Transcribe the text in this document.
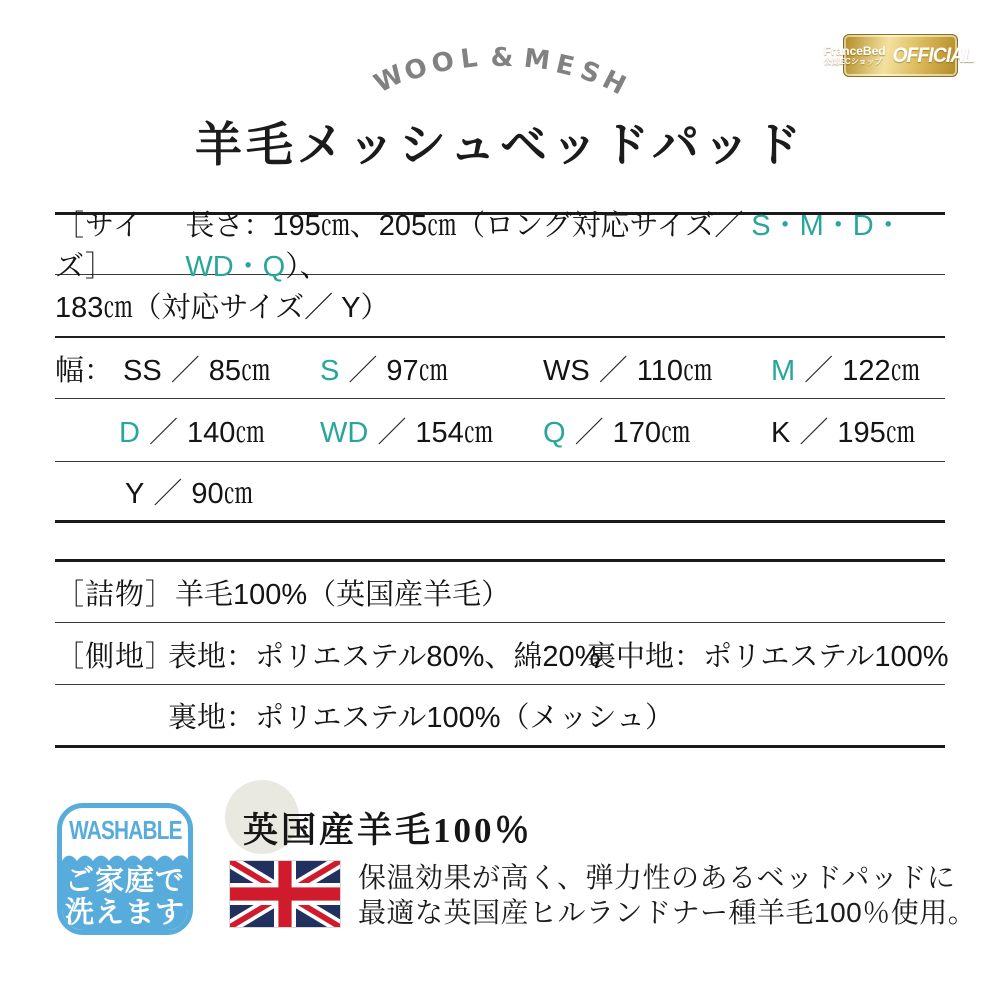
W
O
O L & M E S
H
FranceBed
公認ECショップ OFFICIAL
羊毛メッシュベッドパッド
［サイズ］
長さ：195㎝、205㎝（ロング対応サイズ／ S・M・D・WD・Q）、
183㎝（対応サイズ／ Y）
幅： SS ／ 85㎝ S ／ 97㎝	WS ／ 110㎝ M ／ 122㎝
D ／ 140㎝ WD ／ 154㎝ Q ／ 170㎝	K ／ 195㎝
Y ／ 90㎝
［詰物］ 羊毛100%（英国産羊毛）
［側地］
表地：ポリエステル80%、綿20%
裏中地：ポリエステル100%
裏地：ポリエステル100%（メッシュ）
WASHABLE
ご家庭で
洗えます
英国産羊毛100％
保温効果が高く、弾力性のあるベッドパッドに
最適な英国産ヒルランドナー種羊毛100％使用。
